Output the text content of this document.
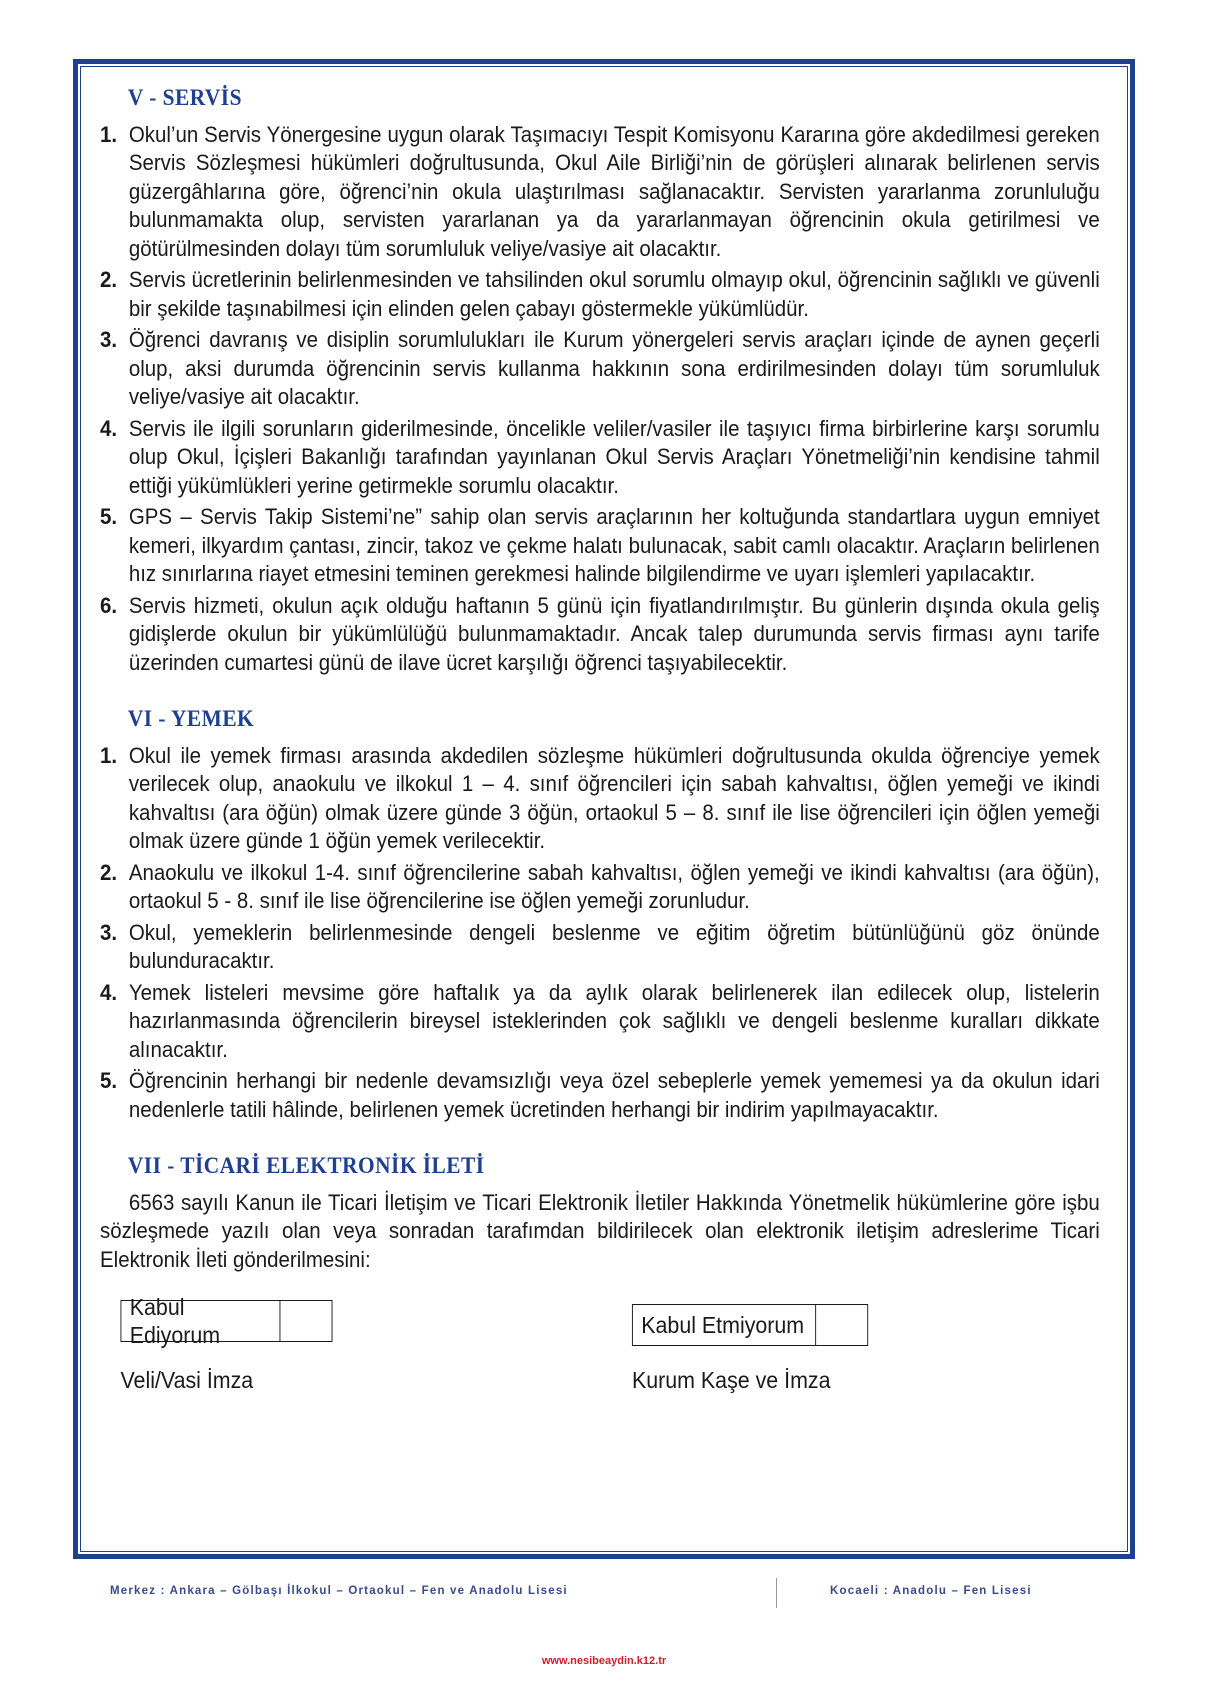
V - SERVİS
1. Okul’un Servis Yönergesine uygun olarak Taşımacıyı Tespit Komisyonu Kararına göre akdedilmesi gereken Servis Sözleşmesi hükümleri doğrultusunda, Okul Aile Birliği’nin de görüşleri alınarak belirlenen servis güzergâhlarına göre, öğrenci’nin okula ulaştırılması sağlanacaktır. Servisten yararlanma zorunluluğu bulunmamakta olup, servisten yararlanan ya da yararlanmayan öğrencinin okula getirilmesi ve götürülmesinden dolayı tüm sorumluluk veliye/vasiye ait olacaktır.
2. Servis ücretlerinin belirlenmesinden ve tahsilinden okul sorumlu olmayıp okul, öğrencinin sağlıklı ve güvenli bir şekilde taşınabilmesi için elinden gelen çabayı göstermekle yükümlüdür.
3. Öğrenci davranış ve disiplin sorumlulukları ile Kurum yönergeleri servis araçları içinde de aynen geçerli olup, aksi durumda öğrencinin servis kullanma hakkının sona erdirilmesinden dolayı tüm sorumluluk veliye/vasiye ait olacaktır.
4. Servis ile ilgili sorunların giderilmesinde, öncelikle veliler/vasiler ile taşıyıcı firma birbirlerine karşı sorumlu olup Okul, İçişleri Bakanlığı tarafından yayınlanan Okul Servis Araçları Yönetmeliği’nin kendisine tahmil ettiği yükümlükleri yerine getirmekle sorumlu olacaktır.
5. GPS – Servis Takip Sistemi’ne” sahip olan servis araçlarının her koltuğunda standartlara uygun emniyet kemeri, ilkyardım çantası, zincir, takoz ve çekme halatı bulunacak, sabit camlı olacaktır. Araçların belirlenen hız sınırlarına riayet etmesini teminen gerekmesi halinde bilgilendirme ve uyarı işlemleri yapılacaktır.
6. Servis hizmeti, okulun açık olduğu haftanın 5 günü için fiyatlandırılmıştır. Bu günlerin dışında okula geliş gidişlerde okulun bir yükümlülüğü bulunmamaktadır. Ancak talep durumunda servis firması aynı tarife üzerinden cumartesi günü de ilave ücret karşılığı öğrenci taşıyabilecektir.
VI - YEMEK
1. Okul ile yemek firması arasında akdedilen sözleşme hükümleri doğrultusunda okulda öğrenciye yemek verilecek olup, anaokulu ve ilkokul 1 – 4. sınıf öğrencileri için sabah kahvaltısı, öğlen yemeği ve ikindi kahvaltısı (ara öğün) olmak üzere günde 3 öğün, ortaokul 5 – 8. sınıf ile lise öğrencileri için öğlen yemeği olmak üzere günde 1 öğün yemek verilecektir.
2. Anaokulu ve ilkokul 1-4. sınıf öğrencilerine sabah kahvaltısı, öğlen yemeği ve ikindi kahvaltısı (ara öğün), ortaokul 5 - 8. sınıf ile lise öğrencilerine ise öğlen yemeği zorunludur.
3. Okul, yemeklerin belirlenmesinde dengeli beslenme ve eğitim öğretim bütünlüğünü göz önünde bulunduracaktır.
4. Yemek listeleri mevsime göre haftalık ya da aylık olarak belirlenerek ilan edilecek olup, listelerin hazırlanmasında öğrencilerin bireysel isteklerinden çok sağlıklı ve dengeli beslenme kuralları dikkate alınacaktır.
5. Öğrencinin herhangi bir nedenle devamsızlığı veya özel sebeplerle yemek yememesi ya da okulun idari nedenlerle tatili hâlinde, belirlenen yemek ücretinden herhangi bir indirim yapılmayacaktır.
VII - TİCARİ ELEKTRONİK İLETİ

6563 sayılı Kanun ile Ticari İletişim ve Ticari Elektronik İletiler Hakkında Yönetmelik hükümlerine göre işbu sözleşmede yazılı olan veya sonradan tarafımdan bildirilecek olan elektronik iletişim adreslerime Ticari Elektronik İleti gönderilmesini:

Kabul Ediyorum	Kabul Etmiyorum
Veli/Vasi İmza	Kurum Kaşe ve İmza
Merkez : Ankara – Gölbaşı İlkokul – Ortaokul – Fen ve Anadolu Lisesi	Kocaeli : Anadolu – Fen Lisesi
www.nesibeaydin.k12.tr
